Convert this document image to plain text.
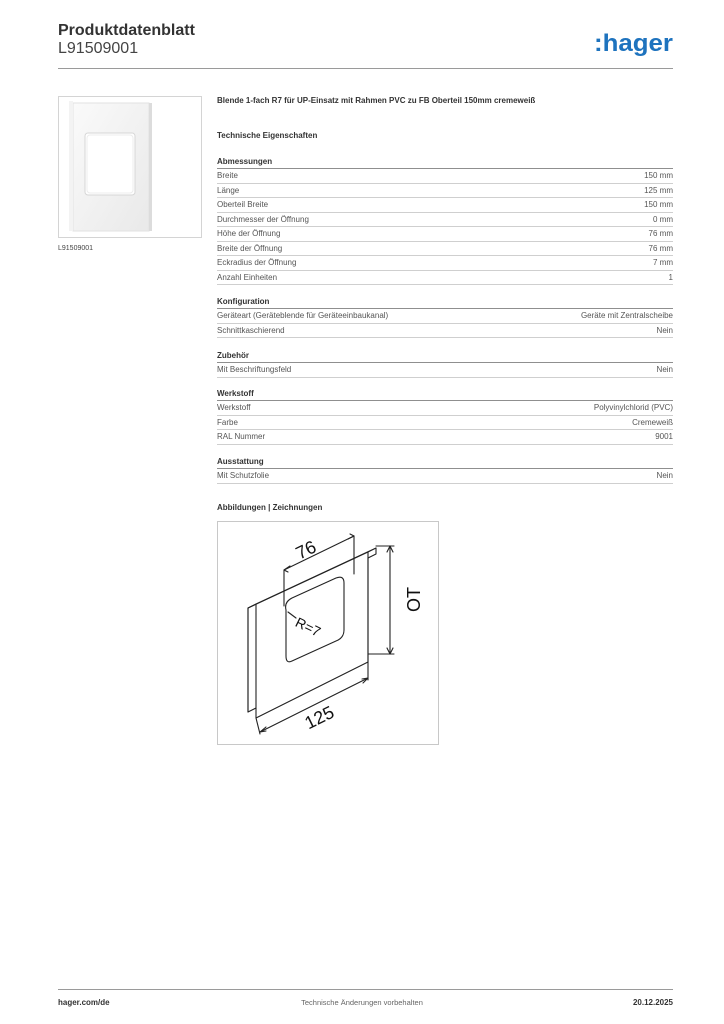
Produktdatenblatt
L91509001	:hager
L91509001
Blende 1-fach R7 für UP-Einsatz mit Rahmen PVC zu FB Oberteil 150mm cremeweiß
Technische Eigenschaften
Abmessungen
Breite	150 mm
Länge	125 mm
Oberteil Breite	150 mm
Durchmesser der Öffnung	0 mm
Höhe der Öffnung	76 mm
Breite der Öffnung	76 mm
Eckradius der Öffnung	7 mm
Anzahl Einheiten	1
Konfiguration
Geräteart (Geräteblende für Geräteeinbaukanal)	Geräte mit Zentralscheibe
Schnittkaschierend	Nein
Zubehör
Mit Beschriftungsfeld	Nein
Werkstoff
Werkstoff	Polyvinylchlorid (PVC)
Farbe	Cremeweiß
RAL Nummer	9001
Ausstattung
Mit Schutzfolie	Nein
Abbildungen | Zeichnungen
76
OT
R=7
125
hager.com/de	Technische Änderungen vorbehalten	20.12.2025
